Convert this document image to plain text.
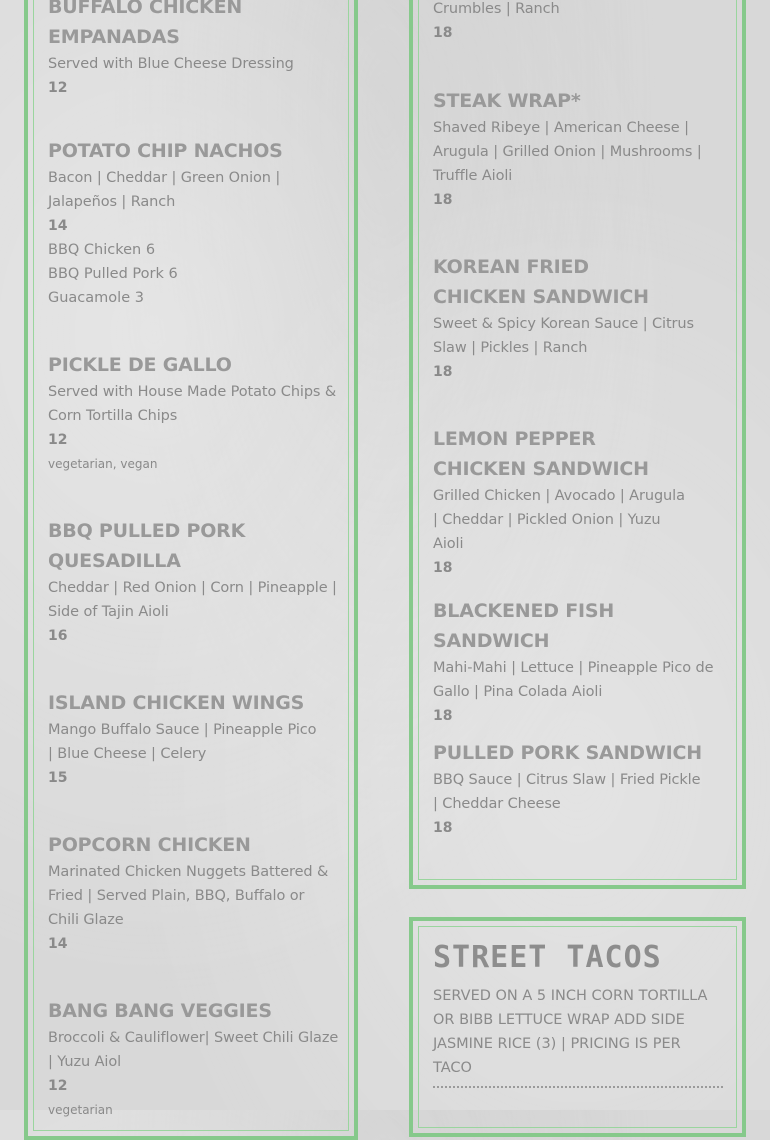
BUFFALO CHICKEN EMPANADAS

Served with Blue Cheese Dressing

12

POTATO CHIP NACHOS

Bacon | Cheddar | Green Onion | Jalapeños | Ranch

14

BBQ Chicken 6

BBQ Pulled Pork 6

Guacamole 3

PICKLE DE GALLO

Served with House Made Potato Chips & Corn Tortilla Chips

12

vegetarian, vegan

BBQ PULLED PORK QUESADILLA

Cheddar | Red Onion | Corn | Pineapple | Side of Tajin Aioli

16

ISLAND CHICKEN WINGS

Mango Buffalo Sauce | Pineapple Pico | Blue Cheese | Celery

15

POPCORN CHICKEN

Marinated Chicken Nuggets Battered & Fried | Served Plain, BBQ, Buffalo or Chili Glaze

14

BANG BANG VEGGIES

Broccoli & Cauliflower| Sweet Chili Glaze | Yuzu Aiol

12

vegetarian

Crumbles | Ranch

18

STEAK WRAP*

Shaved Ribeye | American Cheese | Arugula | Grilled Onion | Mushrooms | Truffle Aioli

18

KOREAN FRIED CHICKEN SANDWICH

Sweet & Spicy Korean Sauce | Citrus Slaw | Pickles | Ranch

18

LEMON PEPPER CHICKEN SANDWICH

Grilled Chicken | Avocado | Arugula | Cheddar | Pickled Onion | Yuzu Aioli

18

BLACKENED FISH SANDWICH

Mahi-Mahi | Lettuce | Pineapple Pico de Gallo | Pina Colada Aioli

18

PULLED PORK SANDWICH

BBQ Sauce | Citrus Slaw | Fried Pickle | Cheddar Cheese

18

STREET TACOS

SERVED ON A 5 INCH CORN TORTILLA OR BIBB LETTUCE WRAP ADD SIDE JASMINE RICE (3) | PRICING IS PER TACO
